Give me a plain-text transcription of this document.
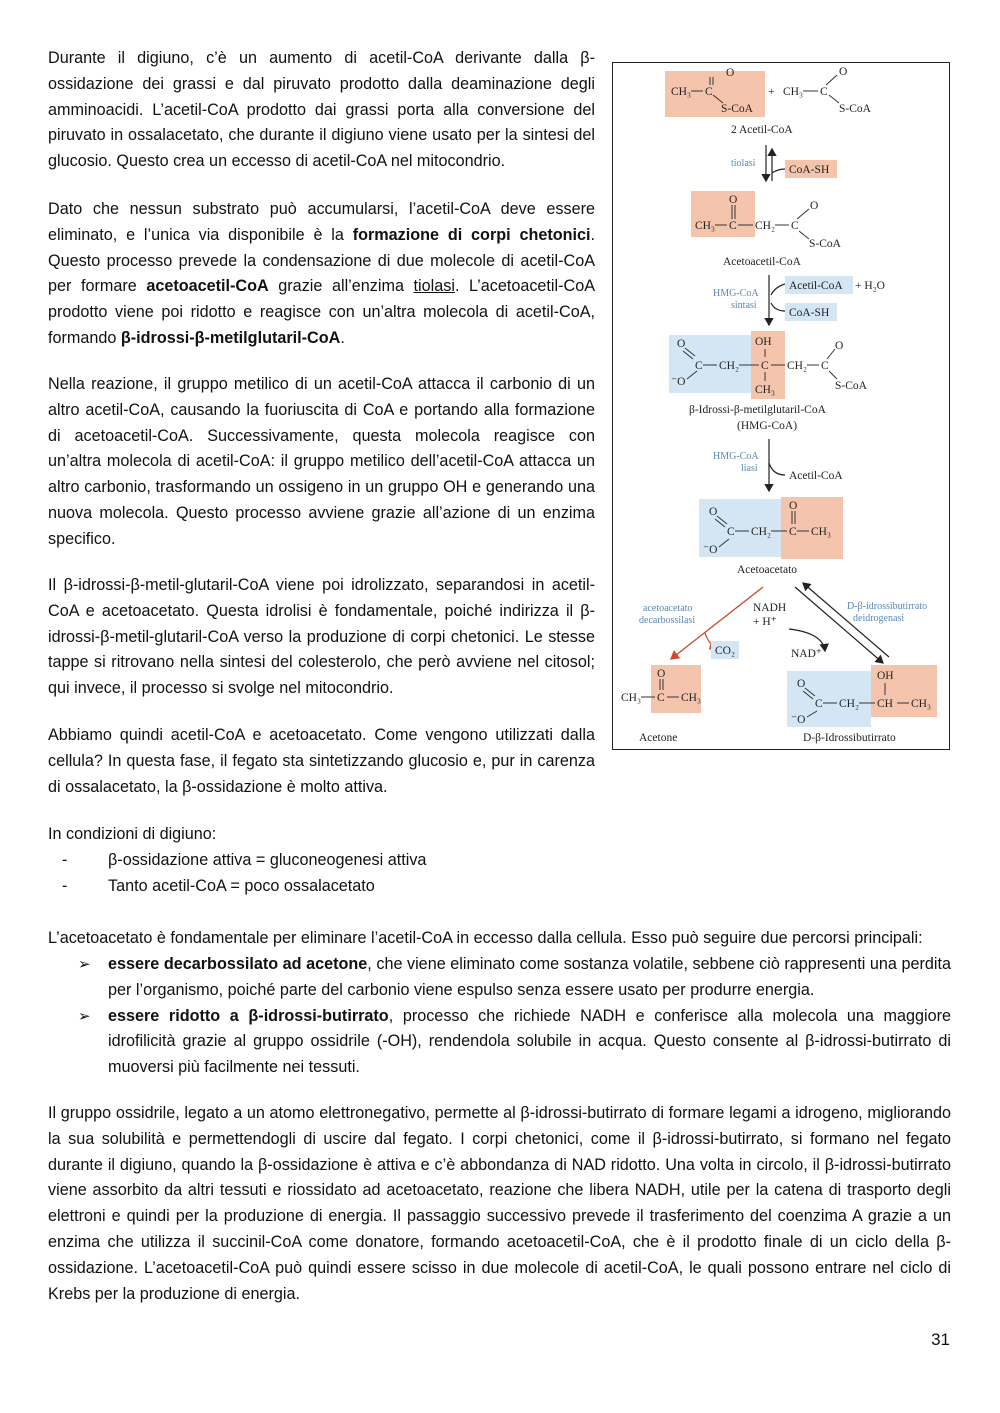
Durante il digiuno, c’è un aumento di acetil-CoA derivante dalla β-ossidazione dei grassi e dal piruvato prodotto dalla deaminazione degli amminoacidi. L’acetil-CoA prodotto dai grassi porta alla conversione del piruvato in ossalacetato, che durante il digiuno viene usato per la sintesi del glucosio. Questo crea un eccesso di acetil-CoA nel mitocondrio.

Dato che nessun substrato può accumularsi, l’acetil-CoA deve essere eliminato, e l’unica via disponibile è la formazione di corpi chetonici. Questo processo prevede la condensazione di due molecole di acetil-CoA per formare acetoacetil-CoA grazie all’enzima tiolasi. L’acetoacetil-CoA prodotto viene poi ridotto e reagisce con un’altra molecola di acetil-CoA, formando β-idrossi-β-metilglutaril-CoA.

Nella reazione, il gruppo metilico di un acetil-CoA attacca il carbonio di un altro acetil-CoA, causando la fuoriuscita di CoA e portando alla formazione di acetoacetil-CoA. Successivamente, questa molecola reagisce con un’altra molecola di acetil-CoA: il gruppo metilico dell’acetil-CoA attacca un altro carbonio, trasformando un ossigeno in un gruppo OH e generando una nuova molecola. Questo processo avviene grazie all’azione di un enzima specifico.

Il β-idrossi-β-metil-glutaril-CoA viene poi idrolizzato, separandosi in acetil-CoA e acetoacetato. Questa idrolisi è fondamentale, poiché indirizza il β-idrossi-β-metil-glutaril-CoA verso la produzione di corpi chetonici. Le stesse tappe si ritrovano nella sintesi del colesterolo, che però avviene nel citosol; qui invece, il processo si svolge nel mitocondrio.

Abbiamo quindi acetil-CoA e acetoacetato. Come vengono utilizzati dalla cellula? In questa fase, il fegato sta sintetizzando glucosio e, pur in carenza di ossalacetato, la β-ossidazione è molto attiva.

In condizioni di digiuno:

-	β-ossidazione attiva = gluconeogenesi attiva
-	Tanto acetil-CoA = poco ossalacetato

L’acetoacetato è fondamentale per eliminare l’acetil-CoA in eccesso dalla cellula. Esso può seguire due percorsi principali:

➢ essere decarbossilato ad acetone, che viene eliminato come sostanza volatile, sebbene ciò rappresenti una perdita per l’organismo, poiché parte del carbonio viene espulso senza essere usato per produrre energia.
➢ essere ridotto a β-idrossi-butirrato, processo che richiede NADH e conferisce alla molecola una maggiore idrofilicità grazie al gruppo ossidrile (-OH), rendendola solubile in acqua. Questo consente al β-idrossi-butirrato di muoversi più facilmente nei tessuti.

Il gruppo ossidrile, legato a un atomo elettronegativo, permette al β-idrossi-butirrato di formare legami a idrogeno, migliorando la sua solubilità e permettendogli di uscire dal fegato. I corpi chetonici, come il β-idrossi-butirrato, si formano nel fegato durante il digiuno, quando la β-ossidazione è attiva e c’è abbondanza di NAD ridotto. Una volta in circolo, il β-idrossi-butirrato viene assorbito da altri tessuti e riossidato ad acetoacetato, reazione che libera NADH, utile per la catena di trasporto degli elettroni e quindi per la produzione di energia. Il passaggio successivo prevede il trasferimento del coenzima A grazie a un enzima che utilizza il succinil-CoA come donatore, formando acetoacetil-CoA, che è il prodotto finale di un ciclo della β-ossidazione. L’acetoacetil-CoA può quindi essere scisso in due molecole di acetil-CoA, le quali possono entrare nel ciclo di Krebs per la produzione di energia.

31
CH₃ C
O
S-CoA
+ CH₃ C
O
S-CoA
2 Acetil-CoA
tiolasi
CoA-SH
CH₃ C
O
CH₂ C
O
S-CoA
Acetoacetil-CoA
HMG-CoA
sintasi
Acetil-CoA + H₂O
CoA-SH
O
C
⁻O
CH₂ C
OH
CH₃
CH₂ C
O
S-CoA
β-Idrossi-β-metilglutaril-CoA
(HMG-CoA)
HMG-CoA
liasi
Acetil-CoA
O
C
⁻O
CH₂ C
O
CH₃
Acetoacetato
acetoacetato
decarbossilasi
CO₂
NADH
+ H⁺
NAD⁺
D-β-idrossibutirrato
deidrogenasi
CH₃ C
O
CH₃
Acetone
O
C
⁻O
CH₂ CH
OH
CH₃
D-β-Idrossibutirrato
